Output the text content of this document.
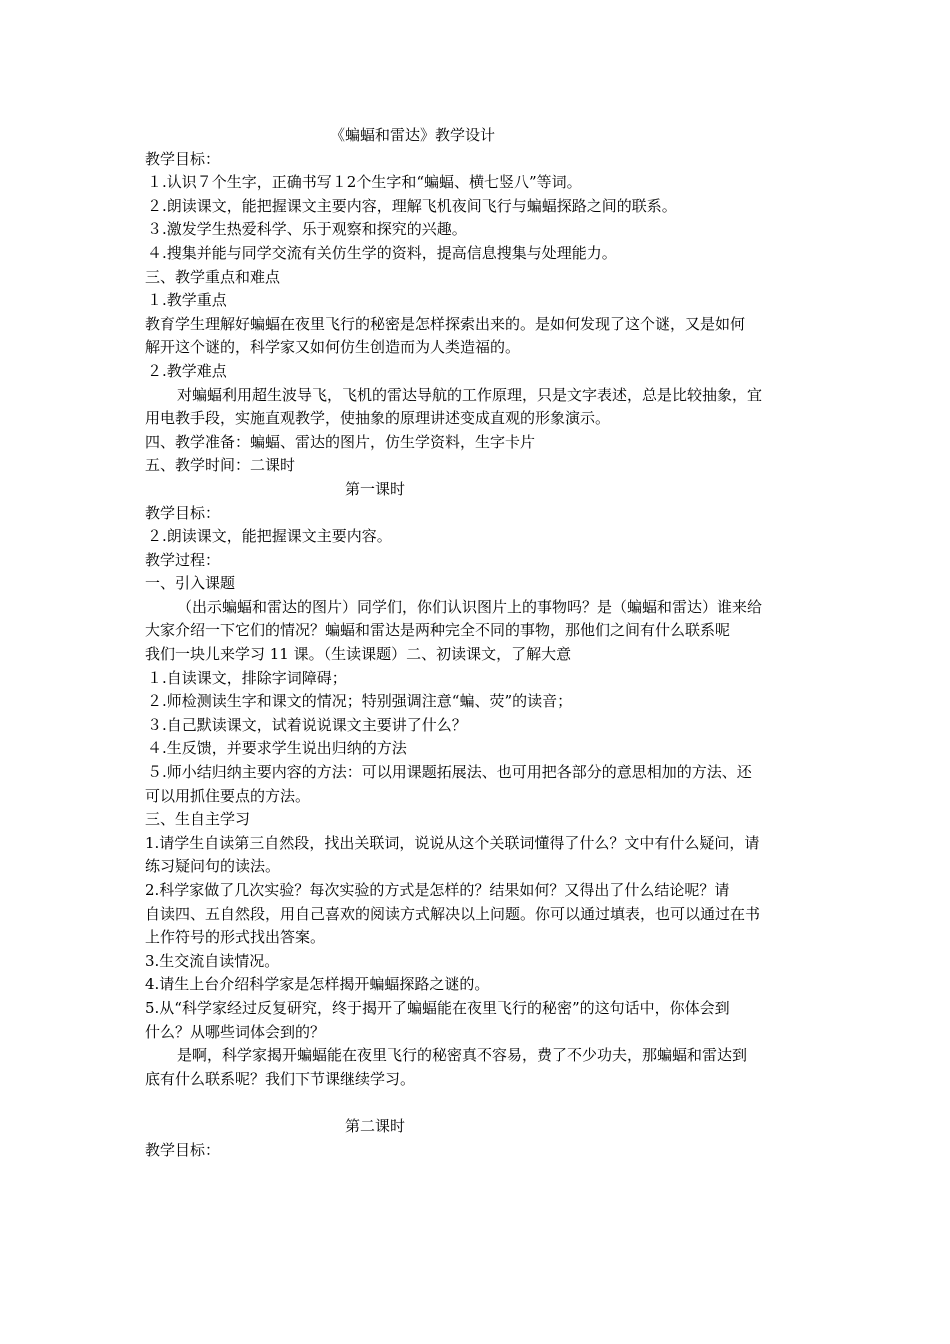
《蝙蝠和雷达》教学设计
教学目标：
１.认识７个生字，正确书写１2个生字和“蝙蝠、横七竖八”等词。
２.朗读课文，能把握课文主要内容，理解飞机夜间飞行与蝙蝠探路之间的联系。
３.激发学生热爱科学、乐于观察和探究的兴趣。
４.搜集并能与同学交流有关仿生学的资料，提高信息搜集与处理能力。
三、教学重点和难点
１.教学重点
教育学生理解好蝙蝠在夜里飞行的秘密是怎样探索出来的。是如何发现了这个谜，又是如何
解开这个谜的，科学家又如何仿生创造而为人类造福的。
２.教学难点
对蝙蝠利用超生波导飞，飞机的雷达导航的工作原理，只是文字表述，总是比较抽象，宜
用电教手段，实施直观教学，使抽象的原理讲述变成直观的形象演示。
四、教学准备：蝙蝠、雷达的图片，仿生学资料，生字卡片
五、教学时间：二课时
第一课时
教学目标：
２.朗读课文，能把握课文主要内容。
教学过程：
一、引入课题
（出示蝙蝠和雷达的图片）同学们，你们认识图片上的事物吗？是（蝙蝠和雷达）谁来给
大家介绍一下它们的情况？蝙蝠和雷达是两种完全不同的事物，那他们之间有什么联系呢
我们一块儿来学习 11 课。（生读课题）二、初读课文，了解大意
１.自读课文，排除字词障碍；
２.师检测读生字和课文的情况；特别强调注意“蝙、荧”的读音；
３.自己默读课文，试着说说课文主要讲了什么？
４.生反馈，并要求学生说出归纳的方法
５.师小结归纳主要内容的方法：可以用课题拓展法、也可用把各部分的意思相加的方法、还
可以用抓住要点的方法。
三、生自主学习
1.请学生自读第三自然段，找出关联词，说说从这个关联词懂得了什么？文中有什么疑问，请
练习疑问句的读法。
2.科学家做了几次实验？每次实验的方式是怎样的？结果如何？又得出了什么结论呢？请
自读四、五自然段，用自己喜欢的阅读方式解决以上问题。你可以通过填表，也可以通过在书
上作符号的形式找出答案。
3.生交流自读情况。
4.请生上台介绍科学家是怎样揭开蝙蝠探路之谜的。
5.从“科学家经过反复研究，终于揭开了蝙蝠能在夜里飞行的秘密”的这句话中，你体会到
什么？从哪些词体会到的？
是啊，科学家揭开蝙蝠能在夜里飞行的秘密真不容易，费了不少功夫，那蝙蝠和雷达到
底有什么联系呢？我们下节课继续学习。
第二课时
教学目标：
